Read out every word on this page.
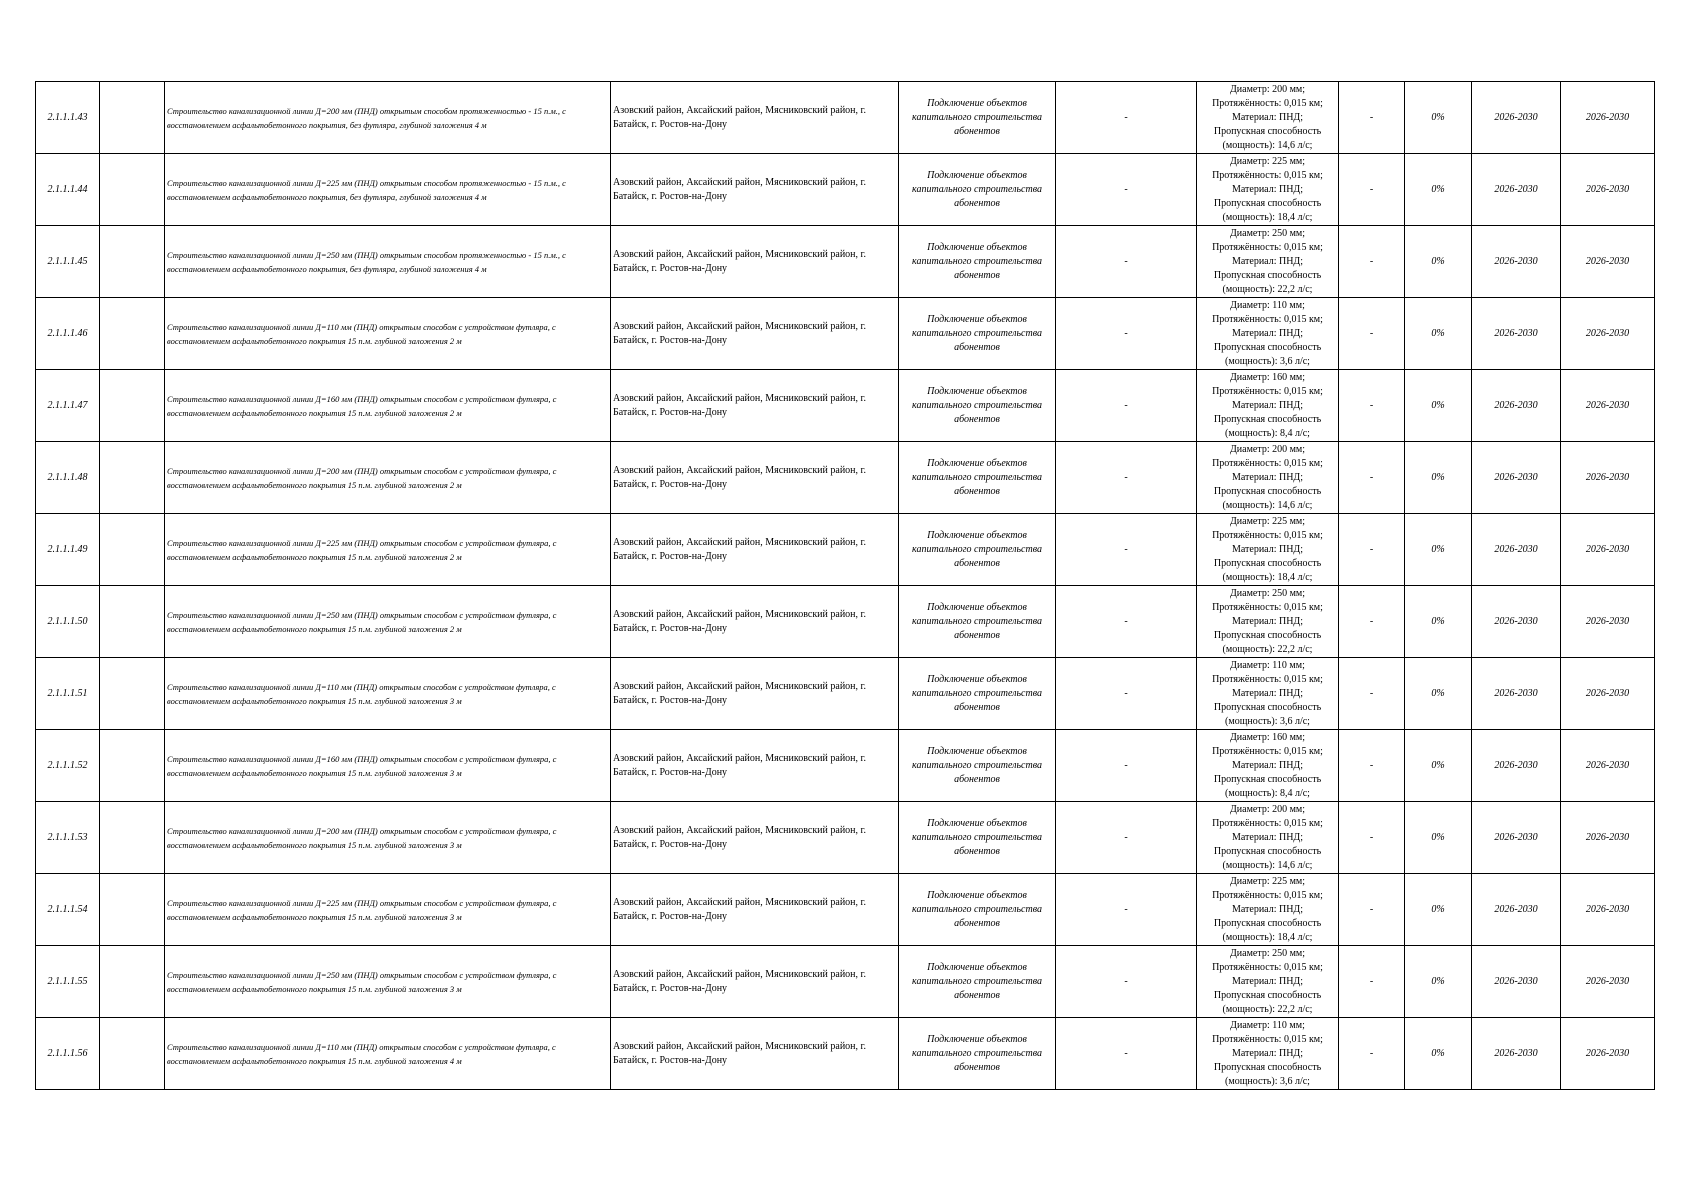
2.1.1.1.43		Строительство канализационной линии Д=200 мм (ПНД) открытым способом протяженностью - 15 п.м., с восстановлением асфальтобетонного покрытия, без футляра, глубиной заложения 4 м	Азовский район, Аксайский район, Мясниковский район, г. Батайск, г. Ростов-на-Дону	Подключение объектов капитального строительства абонентов	-	Диаметр: 200 мм;
Протяжённость: 0,015 км;
Материал: ПНД;
Пропускная способность
(мощность): 14,6 л/с;	-	0%	2026-2030	2026-2030
2.1.1.1.44		Строительство канализационной линии Д=225 мм (ПНД) открытым способом протяженностью - 15 п.м., с восстановлением асфальтобетонного покрытия, без футляра, глубиной заложения 4 м	Азовский район, Аксайский район, Мясниковский район, г. Батайск, г. Ростов-на-Дону	Подключение объектов капитального строительства абонентов	-	Диаметр: 225 мм;
Протяжённость: 0,015 км;
Материал: ПНД;
Пропускная способность
(мощность): 18,4 л/с;	-	0%	2026-2030	2026-2030
2.1.1.1.45		Строительство канализационной линии Д=250 мм (ПНД) открытым способом протяженностью - 15 п.м., с восстановлением асфальтобетонного покрытия, без футляра, глубиной заложения 4 м	Азовский район, Аксайский район, Мясниковский район, г. Батайск, г. Ростов-на-Дону	Подключение объектов капитального строительства абонентов	-	Диаметр: 250 мм;
Протяжённость: 0,015 км;
Материал: ПНД;
Пропускная способность
(мощность): 22,2 л/с;	-	0%	2026-2030	2026-2030
2.1.1.1.46		Строительство канализационной линии Д=110 мм (ПНД) открытым способом с устройством футляра, с восстановлением асфальтобетонного покрытия 15 п.м. глубиной заложения 2 м	Азовский район, Аксайский район, Мясниковский район, г. Батайск, г. Ростов-на-Дону	Подключение объектов капитального строительства абонентов	-	Диаметр: 110 мм;
Протяжённость: 0,015 км;
Материал: ПНД;
Пропускная способность
(мощность): 3,6 л/с;	-	0%	2026-2030	2026-2030
2.1.1.1.47		Строительство канализационной линии Д=160 мм (ПНД) открытым способом с устройством футляра, с восстановлением асфальтобетонного покрытия 15 п.м. глубиной заложения 2 м	Азовский район, Аксайский район, Мясниковский район, г. Батайск, г. Ростов-на-Дону	Подключение объектов капитального строительства абонентов	-	Диаметр: 160 мм;
Протяжённость: 0,015 км;
Материал: ПНД;
Пропускная способность
(мощность): 8,4 л/с;	-	0%	2026-2030	2026-2030
2.1.1.1.48		Строительство канализационной линии Д=200 мм (ПНД) открытым способом с устройством футляра, с восстановлением асфальтобетонного покрытия 15 п.м. глубиной заложения 2 м	Азовский район, Аксайский район, Мясниковский район, г. Батайск, г. Ростов-на-Дону	Подключение объектов капитального строительства абонентов	-	Диаметр: 200 мм;
Протяжённость: 0,015 км;
Материал: ПНД;
Пропускная способность
(мощность): 14,6 л/с;	-	0%	2026-2030	2026-2030
2.1.1.1.49		Строительство канализационной линии Д=225 мм (ПНД) открытым способом с устройством футляра, с восстановлением асфальтобетонного покрытия 15 п.м. глубиной заложения 2 м	Азовский район, Аксайский район, Мясниковский район, г. Батайск, г. Ростов-на-Дону	Подключение объектов капитального строительства абонентов	-	Диаметр: 225 мм;
Протяжённость: 0,015 км;
Материал: ПНД;
Пропускная способность
(мощность): 18,4 л/с;	-	0%	2026-2030	2026-2030
2.1.1.1.50		Строительство канализационной линии Д=250 мм (ПНД) открытым способом с устройством футляра, с восстановлением асфальтобетонного покрытия 15 п.м. глубиной заложения 2 м	Азовский район, Аксайский район, Мясниковский район, г. Батайск, г. Ростов-на-Дону	Подключение объектов капитального строительства абонентов	-	Диаметр: 250 мм;
Протяжённость: 0,015 км;
Материал: ПНД;
Пропускная способность
(мощность): 22,2 л/с;	-	0%	2026-2030	2026-2030
2.1.1.1.51		Строительство канализационной линии Д=110 мм (ПНД) открытым способом с устройством футляра, с восстановлением асфальтобетонного покрытия 15 п.м. глубиной заложения 3 м	Азовский район, Аксайский район, Мясниковский район, г. Батайск, г. Ростов-на-Дону	Подключение объектов капитального строительства абонентов	-	Диаметр: 110 мм;
Протяжённость: 0,015 км;
Материал: ПНД;
Пропускная способность
(мощность): 3,6 л/с;	-	0%	2026-2030	2026-2030
2.1.1.1.52		Строительство канализационной линии Д=160 мм (ПНД) открытым способом с устройством футляра, с восстановлением асфальтобетонного покрытия 15 п.м. глубиной заложения 3 м	Азовский район, Аксайский район, Мясниковский район, г. Батайск, г. Ростов-на-Дону	Подключение объектов капитального строительства абонентов	-	Диаметр: 160 мм;
Протяжённость: 0,015 км;
Материал: ПНД;
Пропускная способность
(мощность): 8,4 л/с;	-	0%	2026-2030	2026-2030
2.1.1.1.53		Строительство канализационной линии Д=200 мм (ПНД) открытым способом с устройством футляра, с восстановлением асфальтобетонного покрытия 15 п.м. глубиной заложения 3 м	Азовский район, Аксайский район, Мясниковский район, г. Батайск, г. Ростов-на-Дону	Подключение объектов капитального строительства абонентов	-	Диаметр: 200 мм;
Протяжённость: 0,015 км;
Материал: ПНД;
Пропускная способность
(мощность): 14,6 л/с;	-	0%	2026-2030	2026-2030
2.1.1.1.54		Строительство канализационной линии Д=225 мм (ПНД) открытым способом с устройством футляра, с восстановлением асфальтобетонного покрытия 15 п.м. глубиной заложения 3 м	Азовский район, Аксайский район, Мясниковский район, г. Батайск, г. Ростов-на-Дону	Подключение объектов капитального строительства абонентов	-	Диаметр: 225 мм;
Протяжённость: 0,015 км;
Материал: ПНД;
Пропускная способность
(мощность): 18,4 л/с;	-	0%	2026-2030	2026-2030
2.1.1.1.55		Строительство канализационной линии Д=250 мм (ПНД) открытым способом с устройством футляра, с восстановлением асфальтобетонного покрытия 15 п.м. глубиной заложения 3 м	Азовский район, Аксайский район, Мясниковский район, г. Батайск, г. Ростов-на-Дону	Подключение объектов капитального строительства абонентов	-	Диаметр: 250 мм;
Протяжённость: 0,015 км;
Материал: ПНД;
Пропускная способность
(мощность): 22,2 л/с;	-	0%	2026-2030	2026-2030
2.1.1.1.56		Строительство канализационной линии Д=110 мм (ПНД) открытым способом с устройством футляра, с восстановлением асфальтобетонного покрытия 15 п.м. глубиной заложения 4 м	Азовский район, Аксайский район, Мясниковский район, г. Батайск, г. Ростов-на-Дону	Подключение объектов капитального строительства абонентов	-	Диаметр: 110 мм;
Протяжённость: 0,015 км;
Материал: ПНД;
Пропускная способность
(мощность): 3,6 л/с;	-	0%	2026-2030	2026-2030
